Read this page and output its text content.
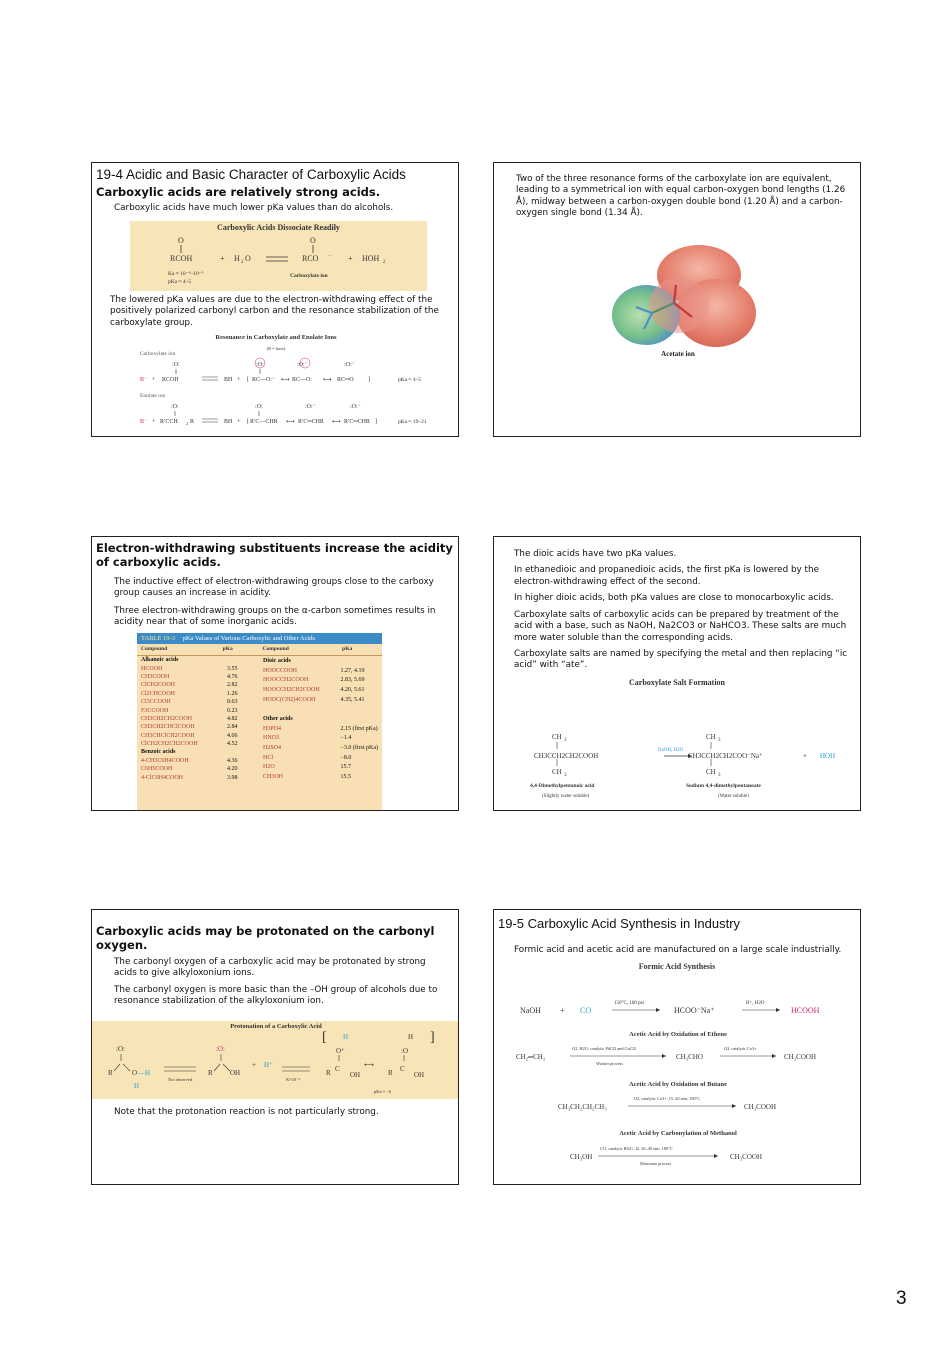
19-4 Acidic and Basic Character of Carboxylic Acids
Carboxylic acids are relatively strong acids.
Carboxylic acids have much lower pKa values than do alcohols.
Carboxylic Acids Dissociate Readily
O
RCOH	+ H 2 O
O
RCO − + HOH 2
Ka ≈ 10⁻⁴–10⁻⁵
pKa ≈ 4–5
Carboxylate ion
The lowered pKa values are due to the electron-withdrawing effect of the positively polarized carbonyl carbon and the resonance stabilization of the carboxylate group.
Resonance in Carboxylate and Enolate Ions
(B = base)
Carboxylate ion
Enolate ion
B⁻ +
:O:
RCOH	BH + [
:O:
RC—O:⁻ ⟷
:O:⁻
RC—O: ⟷
:O:⁻
RC═O ]	pKa ≈ 4–5
B⁻ +
:O:
R′CCH 2 R	BH + [
:O:
R′C—CHR ⟷
:O:⁻
R′C═CHR ⟷
:O:⁻
R′C═CHR ]	pKa ≈ 19–21
Two of the three resonance forms of the carboxylate ion are equivalent, leading to a symmetrical ion with equal carbon-oxygen bond lengths (1.26 Å), midway between a carbon-oxygen double bond (1.20 Å) and a carbon-oxygen single bond (1.34 Å).
Acetate ion
Electron-withdrawing substituents increase the acidity of carboxylic acids.
The inductive effect of electron-withdrawing groups close to the carboxy group causes an increase in acidity.
Three electron-withdrawing groups on the α-carbon sometimes results in acidity near that of some inorganic acids.
TABLE 19-3 pKa Values of Various Carboxylic and Other Acids
Compound	pKa	Compound	pKa
Alkanoic acids	
HCOOH	3.55
CH3COOH	4.76
ClCH2COOH	2.82
Cl2CHCOOH	1.26
Cl3CCOOH	0.63
F3CCOOH	0.23
CH3CH2CH2COOH	4.82
CH3CH2CHClCOOH	2.84
CH3CHClCH2COOH	4.06
ClCH2CH2CH2COOH	4.52
Benzoic acids	
4-CH3C6H4COOH	4.36
C6H5COOH	4.20
4-ClC6H4COOH	3.98
Dioic acids	
HOOCCOOH	1.27, 4.19
HOOCCH2COOH	2.83, 5.69
HOOCCH2CH2COOH	4.20, 5.61
HOOC(CH2)4COOH	4.35, 5.41

Other acids	
H3PO4	2.15 (first pKa)
HNO3	−1.4
H2SO4	−3.0 (first pKa)
HCl	−8.0
H2O	15.7
CH3OH	15.5
The dioic acids have two pKa values.
In ethanedioic and propanedioic acids, the first pKa is lowered by the electron-withdrawing effect of the second.
In higher dioic acids, both pKa values are close to monocarboxylic acids.
Carboxylate salts of carboxylic acids can be prepared by treatment of the acid with a base, such as NaOH, Na2CO3 or NaHCO3. These salts are much more water soluble than the corresponding acids.
Carboxylate salts are named by specifying the metal and then replacing “ic acid” with “ate”.
Carboxylate Salt Formation
CH 3
CH 3
CH 3
CH 3
+
CH3CCH2CH2COOH
NaOH, H2O
CH3CCH2CH2COO⁻Na⁺	HOH
4,4-Dimethylpentanoic acid
(Slightly water soluble)
Sodium 4,4-dimethylpentanoate
(Water soluble)
Carboxylic acids may be protonated on the carbonyl oxygen.
The carbonyl oxygen of a carboxylic acid may be protonated by strong acids to give alkyloxonium ions.
The carbonyl oxygen is more basic than the –OH group of alcohols due to resonance stabilization of the alkyloxonium ion.
Protonation of a Carboxylic Acid
:O:
R	O —H
H
:O:
R OH
+ H⁺
[ H
O⁺
R C
OH
⟷
H
:O
R C
OH
]
Not observed	K≈10⁻⁶
pKa ≈ −6
Note that the protonation reaction is not particularly strong.
19-5 Carboxylic Acid Synthesis in Industry
Formic acid and acetic acid are manufactured on a large scale industrially.
Formic Acid Synthesis
NaOH + CO	HCOO⁻Na⁺	HCOOH
150°C, 100 psi	H⁺, H2O
Acetic Acid by Oxidation of Ethene
CH₂═CH₂	CH₃CHO	CH₃COOH
O2, H2O, catalytic PdCl2 and CuCl2
Wacker process
O2, catalytic Co3+
Acetic Acid by Oxidation of Butane
CH₃CH₂CH₂CH₃	CH₃COOH
O2, catalytic Co3+, 15–20 atm, 180°C
Acetic Acid by Carbonylation of Methanol
CH₃OH	CH₃COOH
CO, catalytic Rh3+, I2, 30–40 atm, 180°C
Monsanto process
3
